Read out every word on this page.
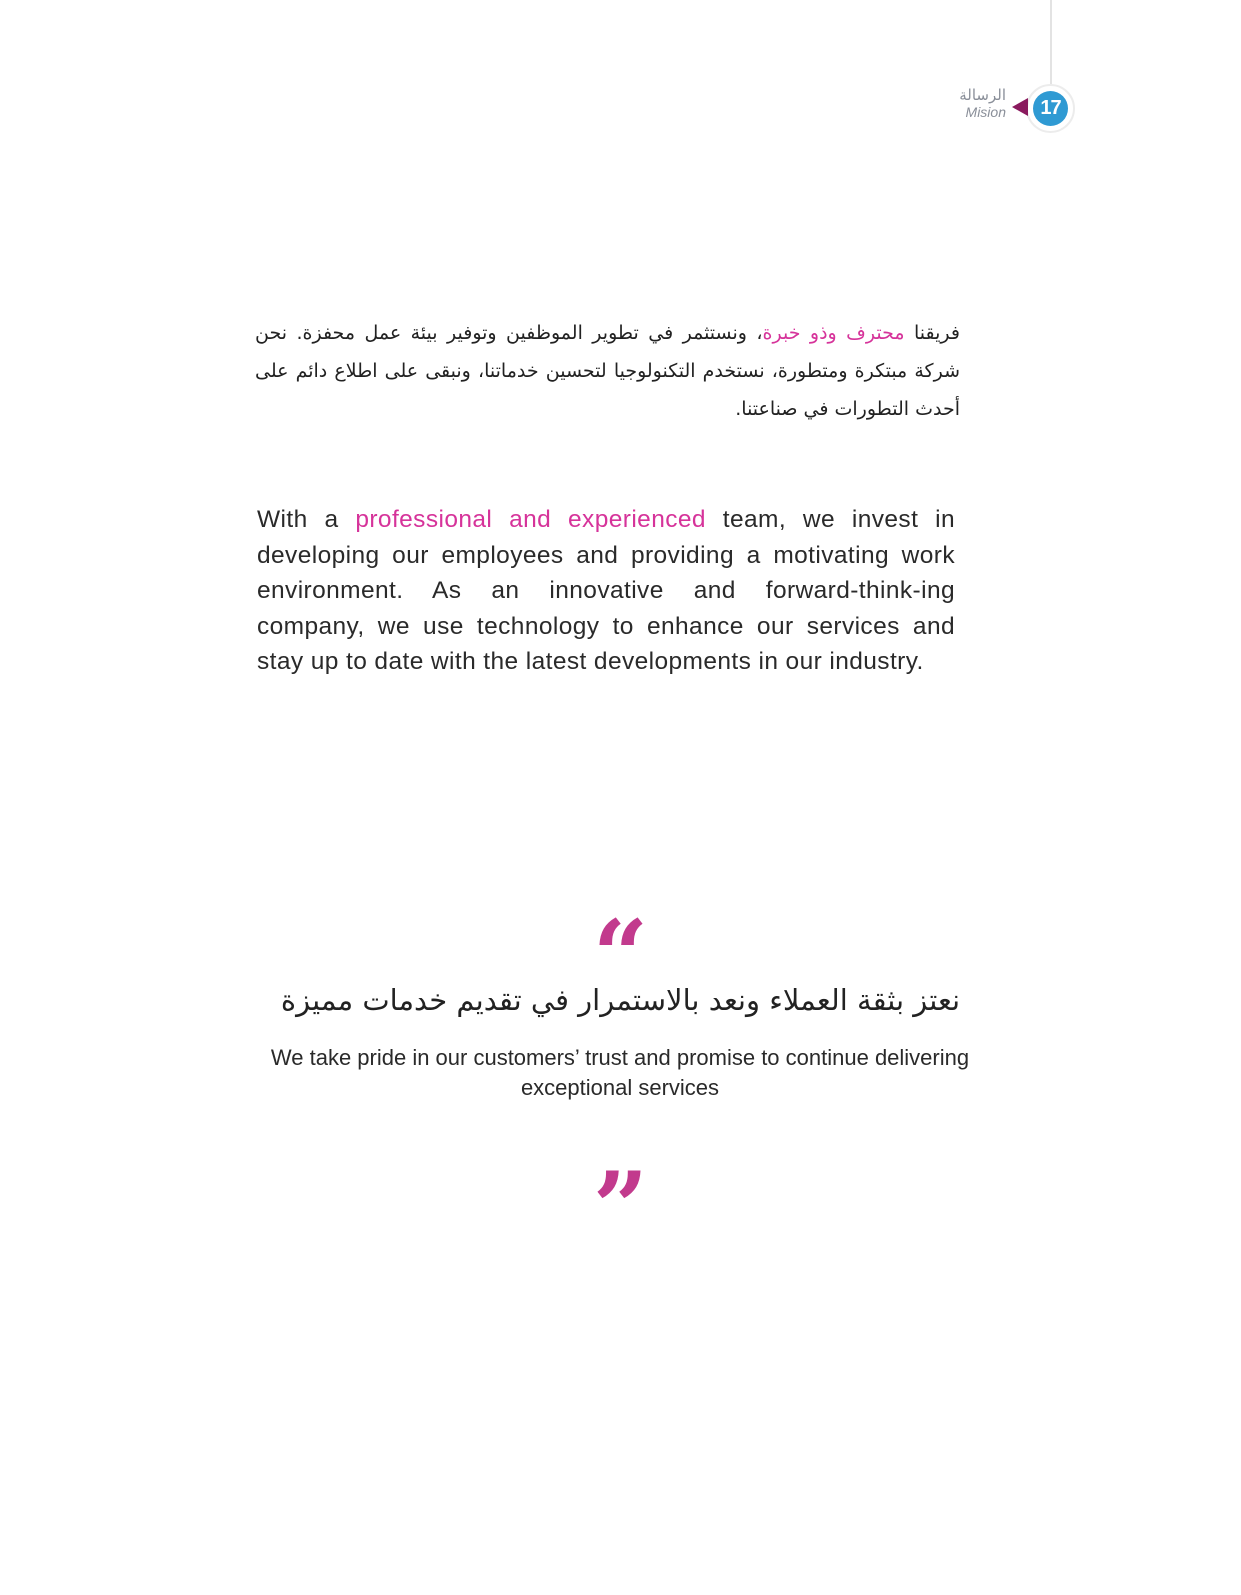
17
الرسالة
Mision

فريقنا محترف وذو خبرة، ونستثمر في تطوير الموظفين وتوفير بيئة عمل محفزة. نحن شركة مبتكرة ومتطورة، نستخدم التكنولوجيا لتحسين خدماتنا، ونبقى على اطلاع دائم على أحدث التطورات في صناعتنا.

With a professional and experienced team, we invest in developing our employees and providing a motivating work environment. As an innovative and forward-think-ing company, we use technology to enhance our services and stay up to date with the latest developments in our industry.

“
نعتز بثقة العملاء ونعد بالاستمرار في تقديم خدمات مميزة
We take pride in our customers’ trust and promise to continue delivering exceptional services
”
